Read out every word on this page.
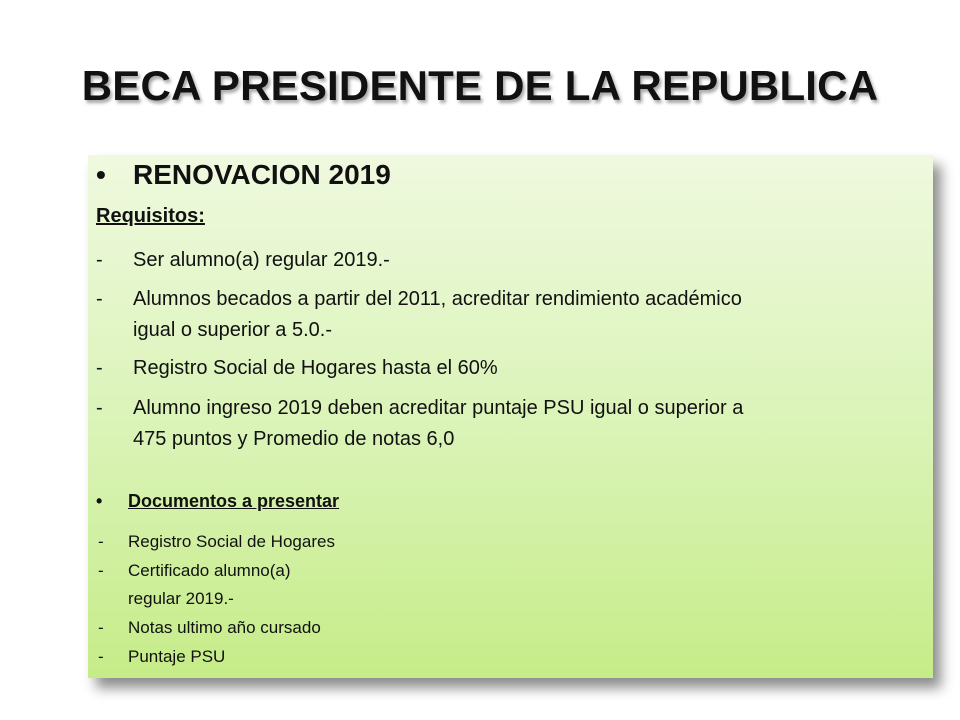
BECA PRESIDENTE DE LA REPUBLICA
• RENOVACION 2019
Requisitos:
- Ser alumno(a) regular 2019.-
- Alumnos becados a partir del 2011, acreditar rendimiento académico
igual o superior a 5.0.-
- Registro Social de Hogares hasta el 60%
- Alumno ingreso 2019 deben acreditar puntaje PSU igual o superior a
475 puntos y Promedio de notas 6,0
• Documentos a presentar
- Registro Social de Hogares
- Certificado alumno(a)
regular 2019.-
- Notas ultimo año cursado
- Puntaje PSU
